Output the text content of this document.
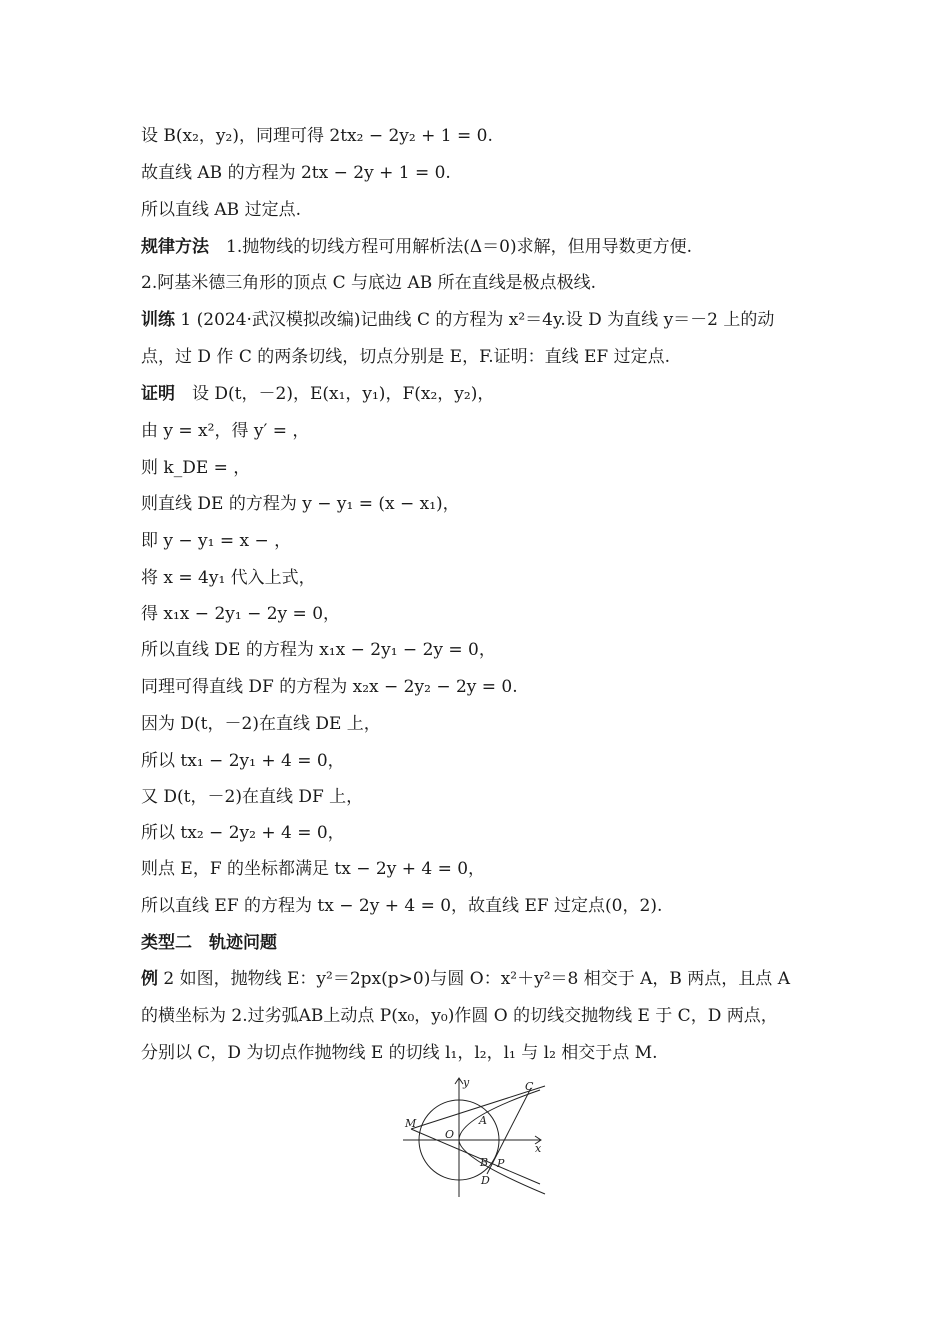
设 B(x₂，y₂)，同理可得 2tx₂ − 2y₂ + 1 = 0.
故直线 AB 的方程为 2tx − 2y + 1 = 0.
所以直线 AB 过定点.
规律方法　1.抛物线的切线方程可用解析法(Δ＝0)求解，但用导数更方便.
2.阿基米德三角形的顶点 C 与底边 AB 所在直线是极点极线.
训练 1 (2024·武汉模拟改编)记曲线 C 的方程为 x²＝4y.设 D 为直线 y＝－2 上的动
点，过 D 作 C 的两条切线，切点分别是 E，F.证明：直线 EF 过定点.
证明　设 D(t，－2)，E(x₁，y₁)，F(x₂，y₂)，
由 y = x²，得 y′ = ，
则 k_DE = ，
则直线 DE 的方程为 y − y₁ = (x − x₁)，
即 y − y₁ = x − ，
将 x = 4y₁ 代入上式，
得 x₁x − 2y₁ − 2y = 0，
所以直线 DE 的方程为 x₁x − 2y₁ − 2y = 0，
同理可得直线 DF 的方程为 x₂x − 2y₂ − 2y = 0.
因为 D(t，－2)在直线 DE 上，
所以 tx₁ − 2y₁ + 4 = 0，
又 D(t，－2)在直线 DF 上，
所以 tx₂ − 2y₂ + 4 = 0，
则点 E，F 的坐标都满足 tx − 2y + 4 = 0，
所以直线 EF 的方程为 tx − 2y + 4 = 0，故直线 EF 过定点(0，2).
类型二　轨迹问题
例 2 如图，抛物线 E：y²＝2px(p>0)与圆 O：x²＋y²＝8 相交于 A，B 两点，且点 A
的横坐标为 2.过劣弧AB上动点 P(x₀，y₀)作圆 O 的切线交抛物线 E 于 C，D 两点，
分别以 C，D 为切点作抛物线 E 的切线 l₁，l₂，l₁ 与 l₂ 相交于点 M.
y
x
O
C
M	A
B P
D
